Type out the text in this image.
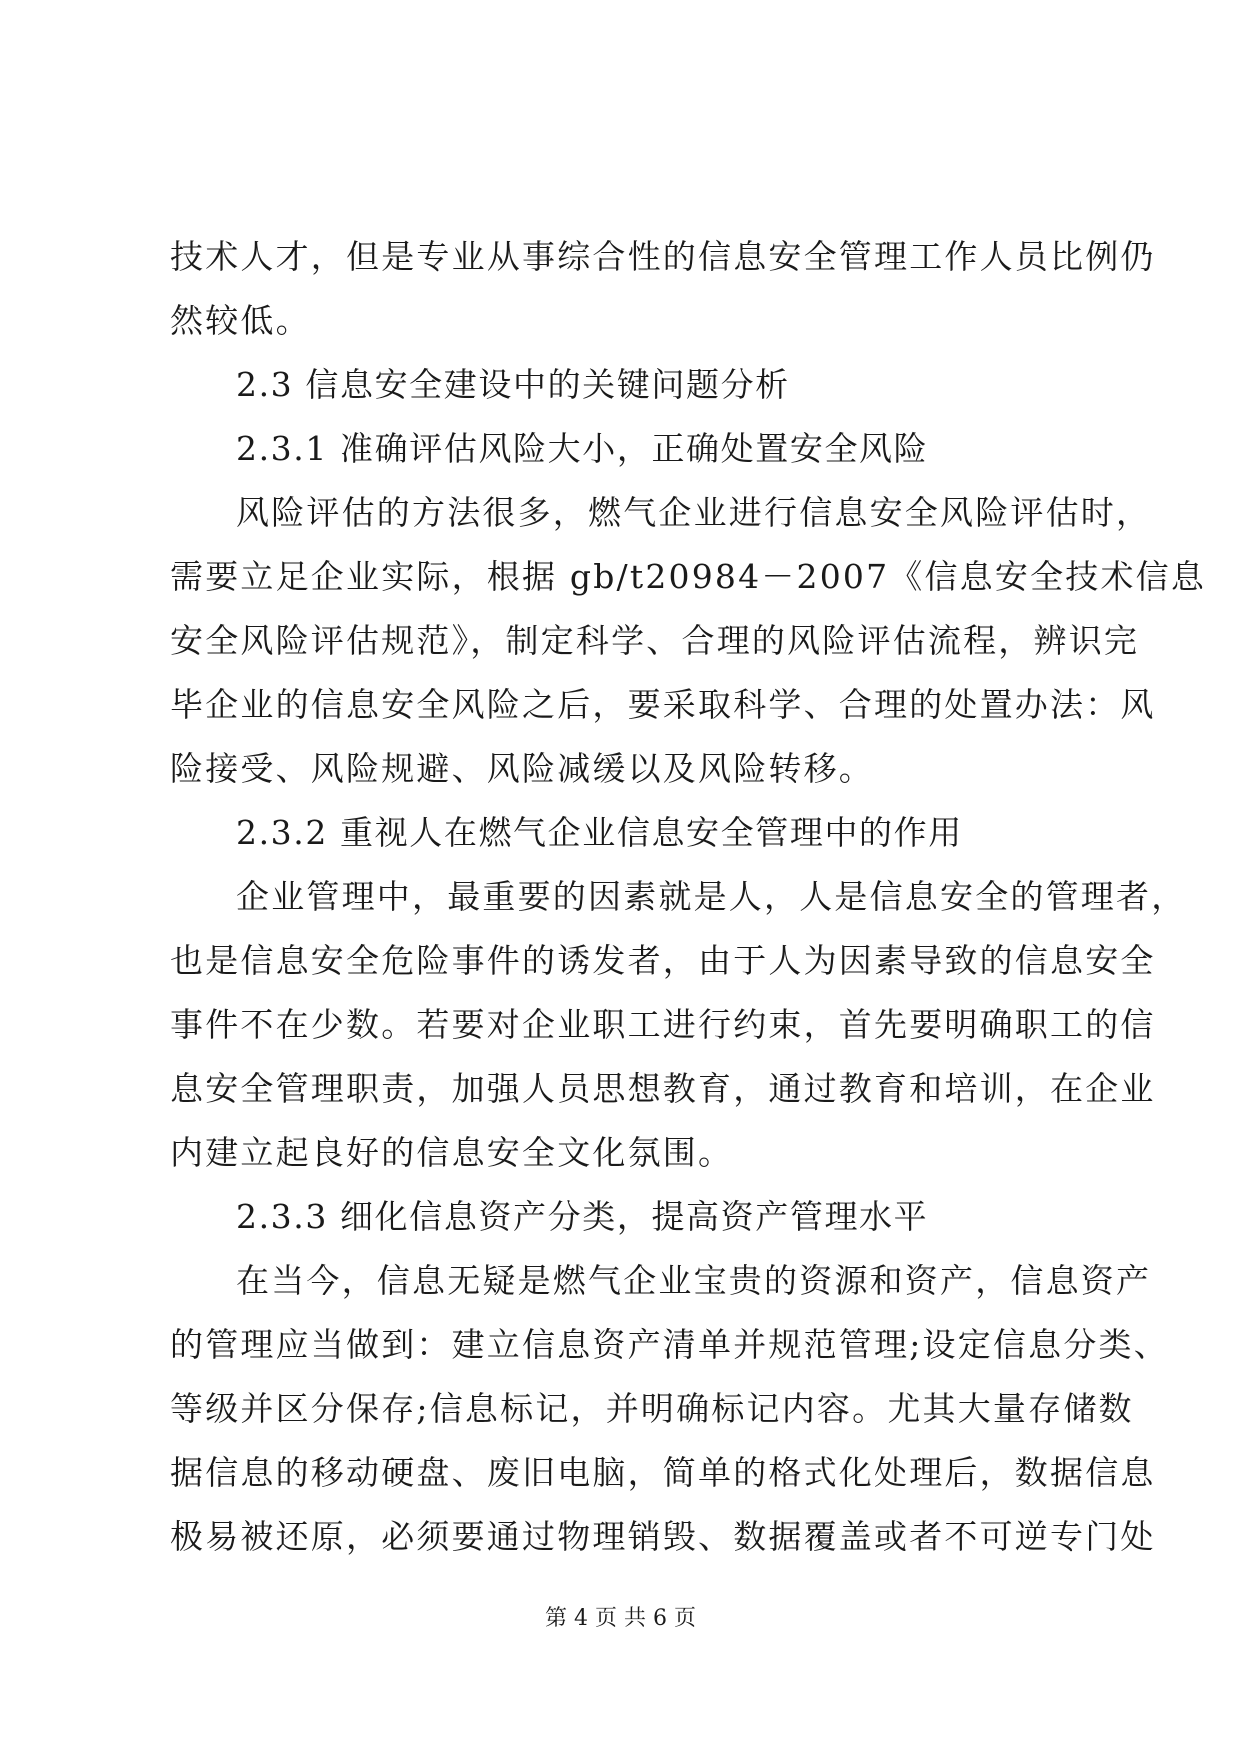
技术人才，但是专业从事综合性的信息安全管理工作人员比例仍
然较低。
2.3 信息安全建设中的关键问题分析
2.3.1 准确评估风险大小，正确处置安全风险
风险评估的方法很多，燃气企业进行信息安全风险评估时，
需要立足企业实际，根据 gb/t20984－2007《信息安全技术信息
安全风险评估规范》，制定科学、合理的风险评估流程，辨识完
毕企业的信息安全风险之后，要采取科学、合理的处置办法：风
险接受、风险规避、风险减缓以及风险转移。
2.3.2 重视人在燃气企业信息安全管理中的作用
企业管理中，最重要的因素就是人，人是信息安全的管理者，
也是信息安全危险事件的诱发者，由于人为因素导致的信息安全
事件不在少数。若要对企业职工进行约束，首先要明确职工的信
息安全管理职责，加强人员思想教育，通过教育和培训，在企业
内建立起良好的信息安全文化氛围。
2.3.3 细化信息资产分类，提高资产管理水平
在当今，信息无疑是燃气企业宝贵的资源和资产，信息资产
的管理应当做到：建立信息资产清单并规范管理;设定信息分类、
等级并区分保存;信息标记，并明确标记内容。尤其大量存储数
据信息的移动硬盘、废旧电脑，简单的格式化处理后，数据信息
极易被还原，必须要通过物理销毁、数据覆盖或者不可逆专门处
第 4 页 共 6 页
